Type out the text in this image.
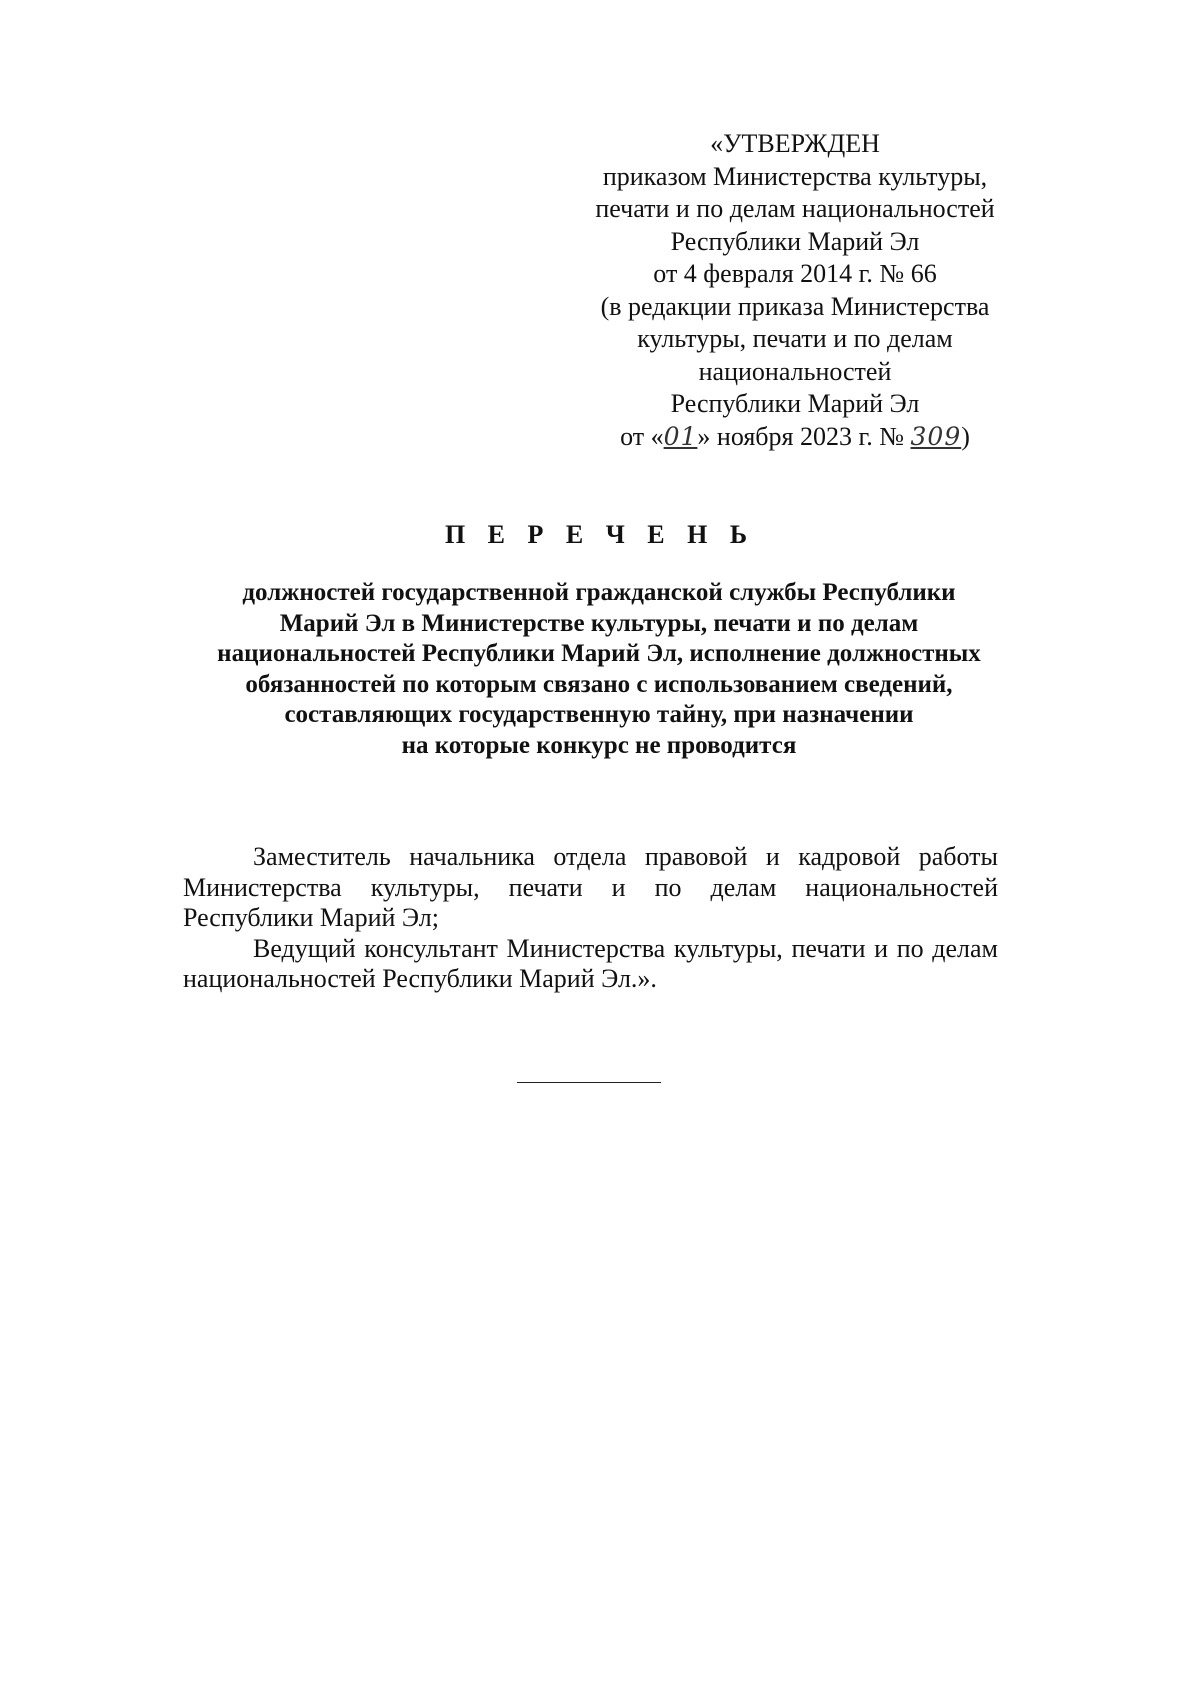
«УТВЕРЖДЕН
приказом Министерства культуры,
печати и по делам национальностей
Республики Марий Эл
от 4 февраля 2014 г. № 66
(в редакции приказа Министерства
культуры, печати и по делам
национальностей
Республики Марий Эл
от «01» ноября 2023 г. № 309)
П Е Р Е Ч Е Н Ь
должностей государственной гражданской службы Республики
Марий Эл в Министерстве культуры, печати и по делам
национальностей Республики Марий Эл, исполнение должностных
обязанностей по которым связано с использованием сведений,
составляющих государственную тайну, при назначении
на которые конкурс не проводится

Заместитель начальника отдела правовой и кадровой работы Министерства культуры, печати и по делам национальностей Республики Марий Эл;

Ведущий консультант Министерства культуры, печати и по делам национальностей Республики Марий Эл.».
